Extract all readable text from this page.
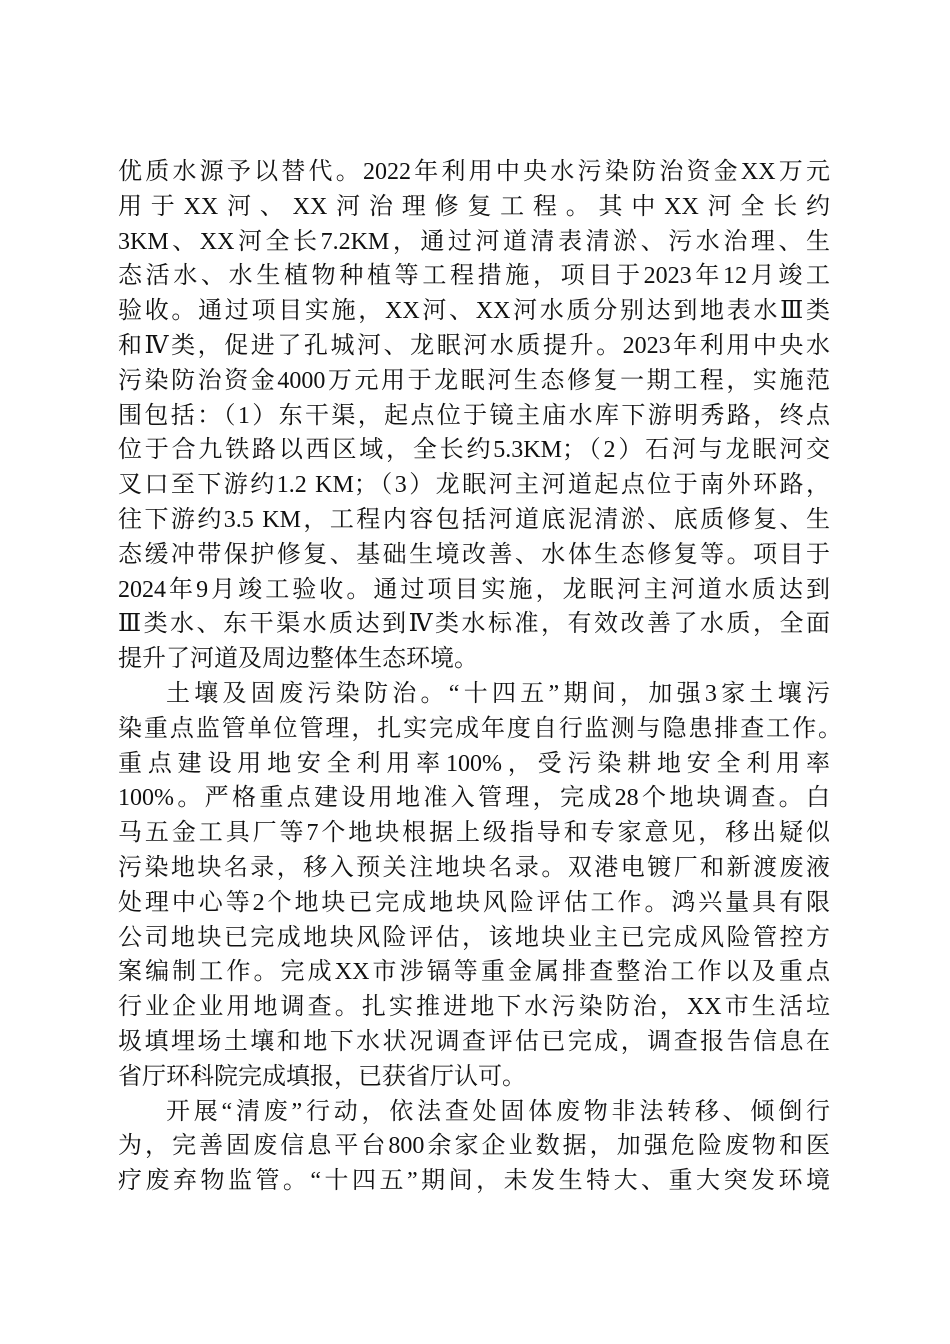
优质水源予以替代。2022年利用中央水污染防治资金XX万元
用于XX河、XX河治理修复工程。其中XX河全长约
3KM、XX河全长7.2KM，通过河道清表清淤、污水治理、生
态活水、水生植物种植等工程措施，项目于2023年12月竣工
验收。通过项目实施，XX河、XX河水质分别达到地表水Ⅲ类
和Ⅳ类，促进了孔城河、龙眠河水质提升。2023年利用中央水
污染防治资金4000万元用于龙眠河生态修复一期工程，实施范
围包括：（1）东干渠，起点位于镜主庙水库下游明秀路，终点
位于合九铁路以西区域，全长约5.3KM；（2）石河与龙眠河交
叉口至下游约1.2 KM；（3）龙眠河主河道起点位于南外环路，
往下游约3.5 KM，工程内容包括河道底泥清淤、底质修复、生
态缓冲带保护修复、基础生境改善、水体生态修复等。项目于
2024年9月竣工验收。通过项目实施，龙眠河主河道水质达到
Ⅲ类水、东干渠水质达到Ⅳ类水标准，有效改善了水质，全面
提升了河道及周边整体生态环境。
土壤及固废污染防治。“十四五”期间，加强3家土壤污
染重点监管单位管理，扎实完成年度自行监测与隐患排查工作。
重点建设用地安全利用率100%，受污染耕地安全利用率
100%。严格重点建设用地准入管理，完成28个地块调查。白
马五金工具厂等7个地块根据上级指导和专家意见，移出疑似
污染地块名录，移入预关注地块名录。双港电镀厂和新渡废液
处理中心等2个地块已完成地块风险评估工作。鸿兴量具有限
公司地块已完成地块风险评估，该地块业主已完成风险管控方
案编制工作。完成XX市涉镉等重金属排查整治工作以及重点
行业企业用地调查。扎实推进地下水污染防治，XX市生活垃
圾填埋场土壤和地下水状况调查评估已完成，调查报告信息在
省厅环科院完成填报，已获省厅认可。
开展“清废”行动，依法查处固体废物非法转移、倾倒行
为，完善固废信息平台800余家企业数据，加强危险废物和医
疗废弃物监管。“十四五”期间，未发生特大、重大突发环境
